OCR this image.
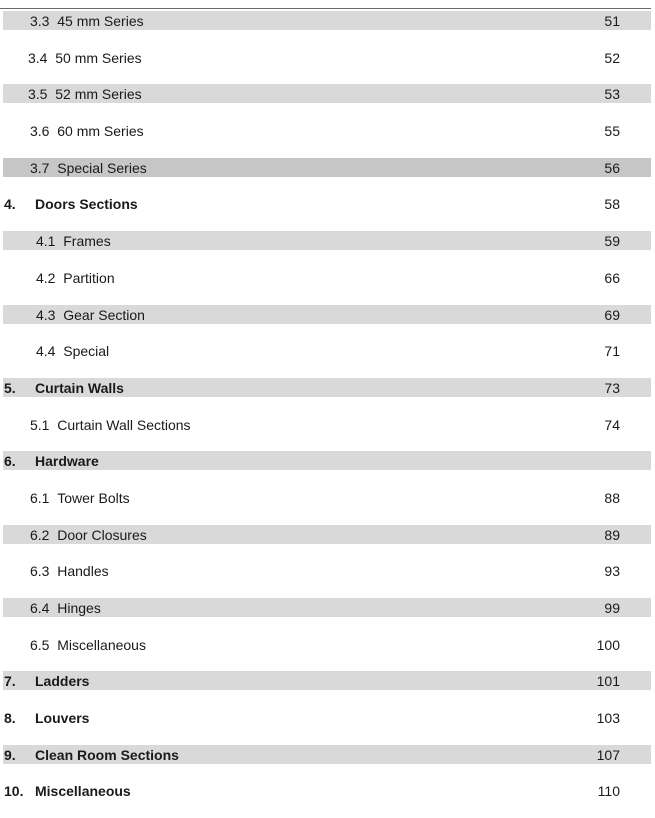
3.3 45 mm Series	51
3.4 50 mm Series	52
3.5 52 mm Series	53
3.6 60 mm Series	55
3.7 Special Series	56
4. Doors Sections	58
4.1 Frames	59
4.2 Partition	66
4.3 Gear Section	69
4.4 Special	71
5. Curtain Walls	73
5.1 Curtain Wall Sections	74
6. Hardware
6.1 Tower Bolts	88
6.2 Door Closures	89
6.3 Handles	93
6.4 Hinges	99
6.5 Miscellaneous	100
7. Ladders	101
8. Louvers	103
9. Clean Room Sections	107
10. Miscellaneous	110
